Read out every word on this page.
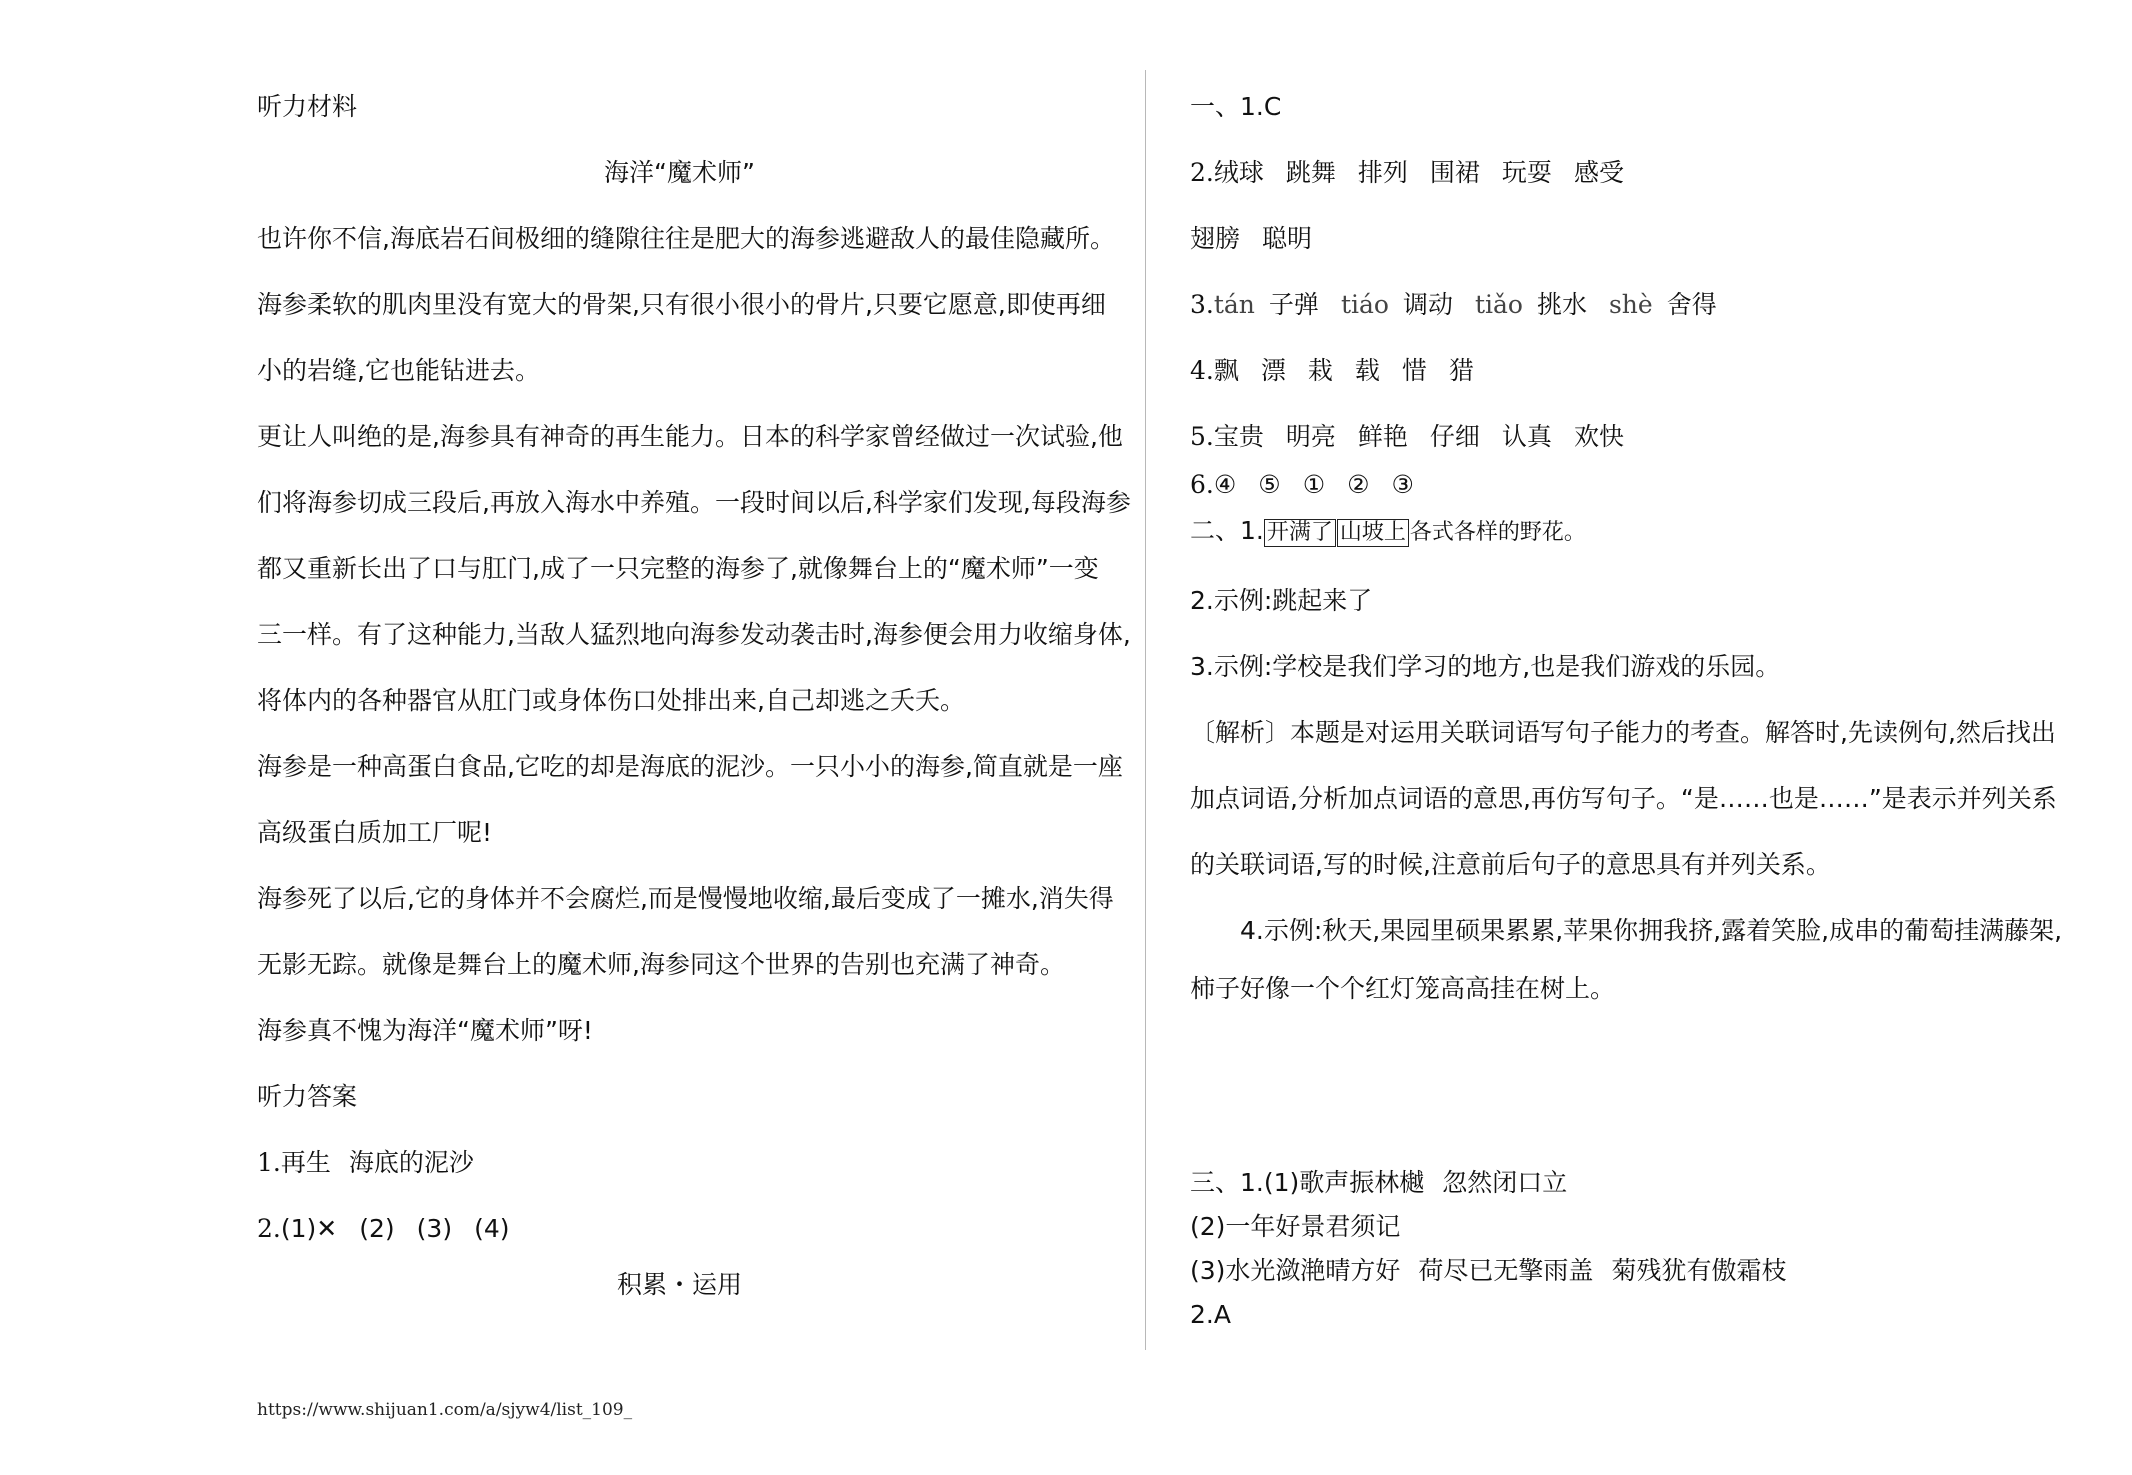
听力材料
海洋“魔术师”
也许你不信,海底岩石间极细的缝隙往往是肥大的海参逃避敌人的最佳隐藏所。
海参柔软的肌肉里没有宽大的骨架,只有很小很小的骨片,只要它愿意,即使再细
小的岩缝,它也能钻进去。
更让人叫绝的是,海参具有神奇的再生能力。日本的科学家曾经做过一次试验,他
们将海参切成三段后,再放入海水中养殖。一段时间以后,科学家们发现,每段海参
都又重新长出了口与肛门,成了一只完整的海参了,就像舞台上的“魔术师”一变
三一样。有了这种能力,当敌人猛烈地向海参发动袭击时,海参便会用力收缩身体,
将体内的各种器官从肛门或身体伤口处排出来,自己却逃之夭夭。
海参是一种高蛋白食品,它吃的却是海底的泥沙。一只小小的海参,简直就是一座
高级蛋白质加工厂呢!
海参死了以后,它的身体并不会腐烂,而是慢慢地收缩,最后变成了一摊水,消失得
无影无踪。就像是舞台上的魔术师,海参同这个世界的告别也充满了神奇。
海参真不愧为海洋“魔术师”呀!
听力答案
1.再生 海底的泥沙
2.(1)✕ (2) (3) (4)
积累・运用
一、1.C
2.绒球 跳舞 排列 围裙 玩耍 感受
翅膀 聪明
3.tán 子弹 tiáo 调动 tiǎo 挑水 shè 舍得
4.飘 漂 栽 载 惜 猎
5.宝贵 明亮 鲜艳 仔细 认真 欢快
6.④ ⑤ ① ② ③
二、1. 开满了 山坡上 各式各样的野花。
2.示例:跳起来了
3.示例:学校是我们学习的地方,也是我们游戏的乐园。
〔解析〕本题是对运用关联词语写句子能力的考查。解答时,先读例句,然后找出
加点词语,分析加点词语的意思,再仿写句子。“是……也是……”是表示并列关系
的关联词语,写的时候,注意前后句子的意思具有并列关系。
4.示例:秋天,果园里硕果累累,苹果你拥我挤,露着笑脸,成串的葡萄挂满藤架,
柿子好像一个个红灯笼高高挂在树上。
三、1.(1)歌声振林樾 忽然闭口立
(2)一年好景君须记
(3)水光潋滟晴方好 荷尽已无擎雨盖 菊残犹有傲霜枝
2.A
https://www.shijuan1.com/a/sjyw4/list_109_
